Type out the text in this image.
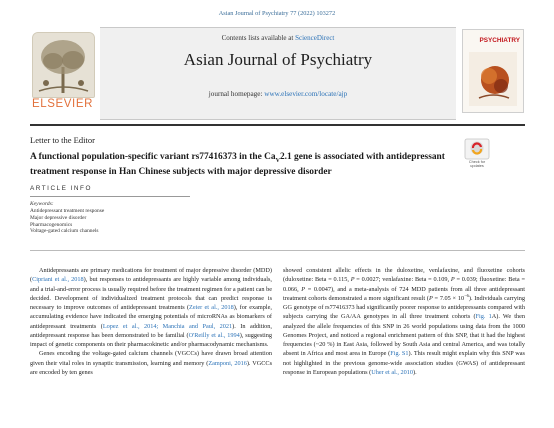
Asian Journal of Psychiatry 77 (2022) 103272
ELSEVIER
Contents lists available at ScienceDirect
Asian Journal of Psychiatry
journal homepage: www.elsevier.com/locate/ajp
PSYCHIATRY
Letter to the Editor
Check for
updates
A functional population-specific variant rs77416373 in the $Ca_V2.1$ gene is associated with antidepressant treatment response in Han Chinese subjects with major depressive disorder
ARTICLE INFO
Keywords:
Antidepressant treatment response
Major depressive disorder
Pharmacogenomics
Voltage-gated calcium channels

Antidepressants are primary medications for treatment of major depressive disorder (MDD) (Cipriani et al., 2018), but responses to antidepressants are highly variable among individuals, and a trial-and-error process is usually required before the treatment regimen for a patient can be decided. Development of individualized treatment protocols that can predict response is necessary to improve outcomes of antidepressant treatments (Zeier et al., 2018), for example, accumulating evidence have indicated the emerging potentials of microRNAs as biomarkers of antidepressant treatments (Lopez et al., 2014; Manchia and Paul, 2021). In addition, antidepressant response has been demonstrated to be familial (O'Reilly et al., 1994), suggesting impact of genetic components on their pharmacokinetic and/or pharmacodynamic mechanisms.

Genes encoding the voltage-gated calcium channels (VGCCs) have drawn broad attention given their vital roles in synaptic transmission, learning and memory (Zamponi, 2016). VGCCs are encoded by ten genes

showed consistent allelic effects in the duloxetine, venlafaxine, and fluoxetine cohorts (duloxetine: Beta = 0.115, P = 0.0027; venlafaxine: Beta = 0.109, P = 0.039; fluoxetine: Beta = 0.066, P = 0.0047), and a meta-analysis of 724 MDD patients from all three antidepressant treatment cohorts demonstrated a more significant result $(P = 7.05 \times 10^{-6})$. Individuals carrying GG genotype of rs77416373 had significantly poorer response to antidepressants compared with subjects carrying the GA/AA genotypes in all three treatment cohorts (Fig. 1A). We then analyzed the allele frequencies of this SNP in 26 world populations using data from the 1000 Genomes Project, and noticed a regional enrichment pattern of this SNP, that it had the highest frequencies (~20 %) in East Asia, followed by South Asia and central America, and was totally absent in Africa and most area in Europe (Fig. S1). This result might explain why this SNP was not highlighted in the previous genome-wide association studies (GWAS) of antidepressant response in European populations (Uher et al., 2010).
